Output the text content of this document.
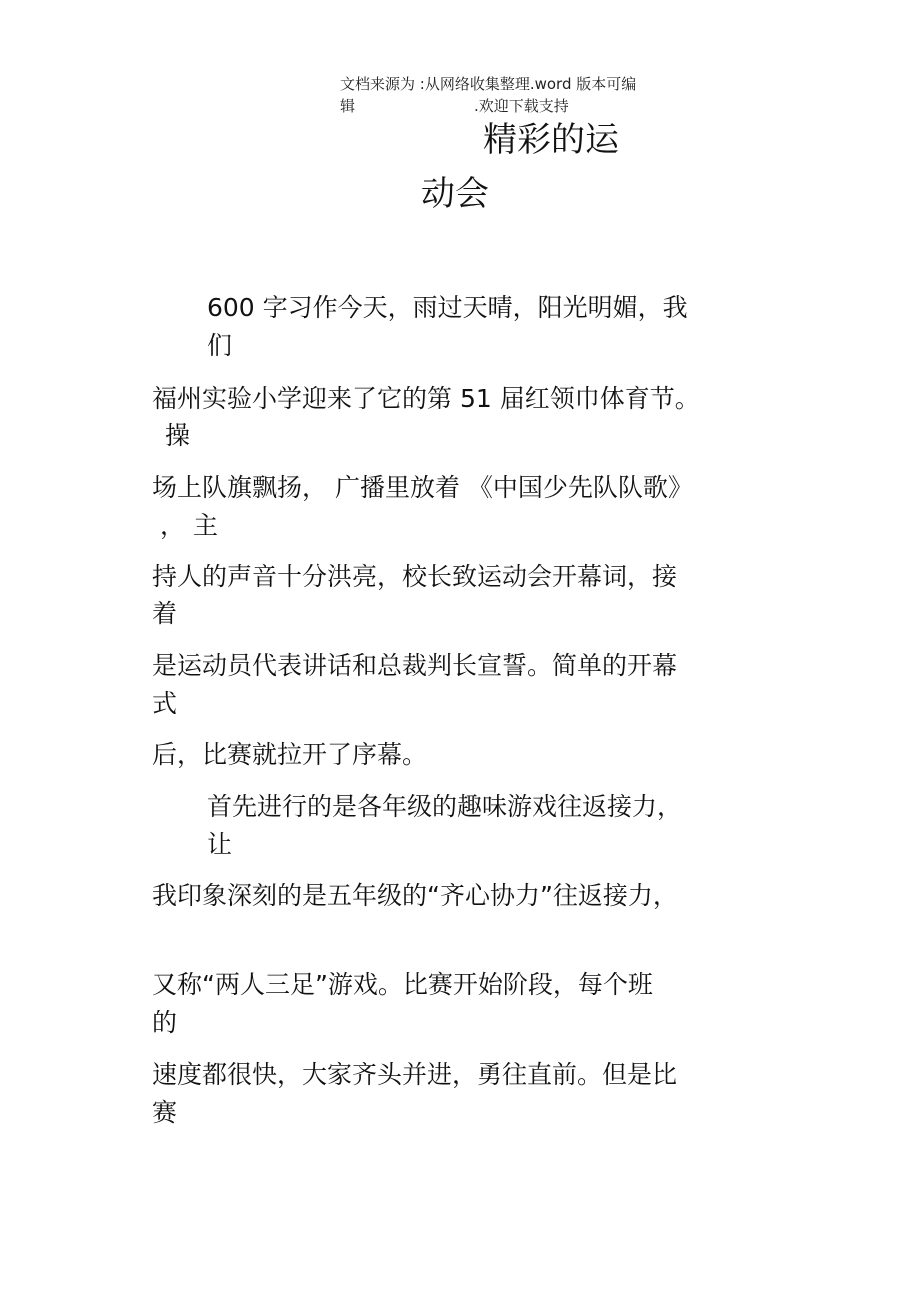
文档来源为 :从网络收集整理.word 版本可编

辑	.欢迎下载支持

精彩的运
动会

600 字习作今天，雨过天晴，阳光明媚，我

们

福州实验小学迎来了它的第 51 届红领巾体育节。

操

场上队旗飘扬， 广播里放着 《中国少先队队歌》

， 主

持人的声音十分洪亮，校长致运动会开幕词，接

着

是运动员代表讲话和总裁判长宣誓。简单的开幕

式

后，比赛就拉开了序幕。

首先进行的是各年级的趣味游戏往返接力，

让

我印象深刻的是五年级的“齐心协力”往返接力，

又称“两人三足”游戏。比赛开始阶段，每个班

的

速度都很快，大家齐头并进，勇往直前。但是比

赛
